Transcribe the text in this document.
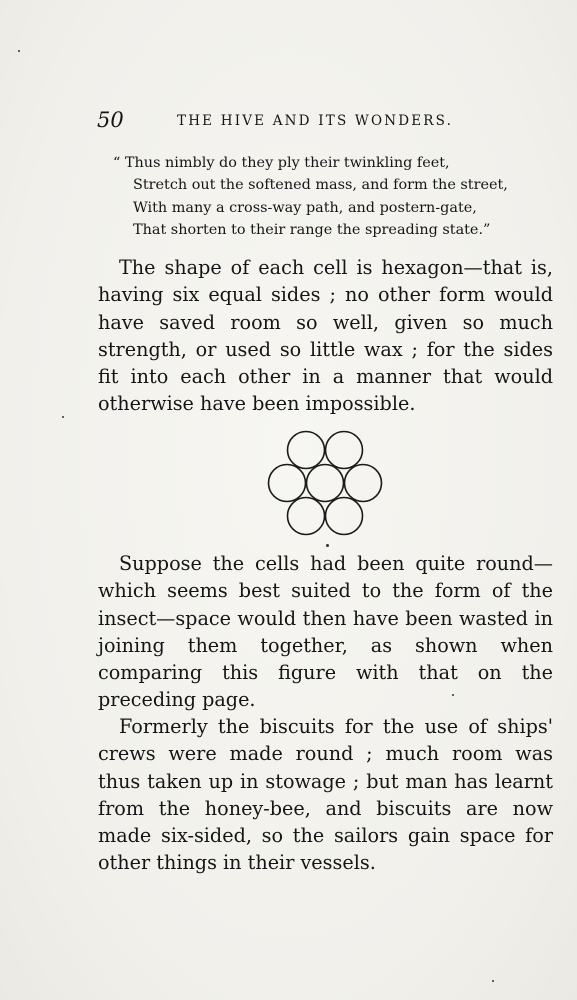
50	THE HIVE AND ITS WONDERS.
“ Thus nimbly do they ply their twinkling feet,
Stretch out the softened mass, and form the street,
With many a cross-way path, and postern-gate,
That shorten to their range the spreading state.”

The shape of each cell is hexagon—that is, having six equal sides ; no other form would have saved room so well, given so much strength, or used so little wax ; for the sides fit into each other in a manner that would otherwise have been impossible.

Suppose the cells had been quite round—which seems best suited to the form of the insect—space would then have been wasted in joining them together, as shown when comparing this figure with that on the preceding page.

Formerly the biscuits for the use of ships' crews were made round ; much room was thus taken up in stowage ; but man has learnt from the honey-bee, and biscuits are now made six-sided, so the sailors gain space for other things in their vessels.
